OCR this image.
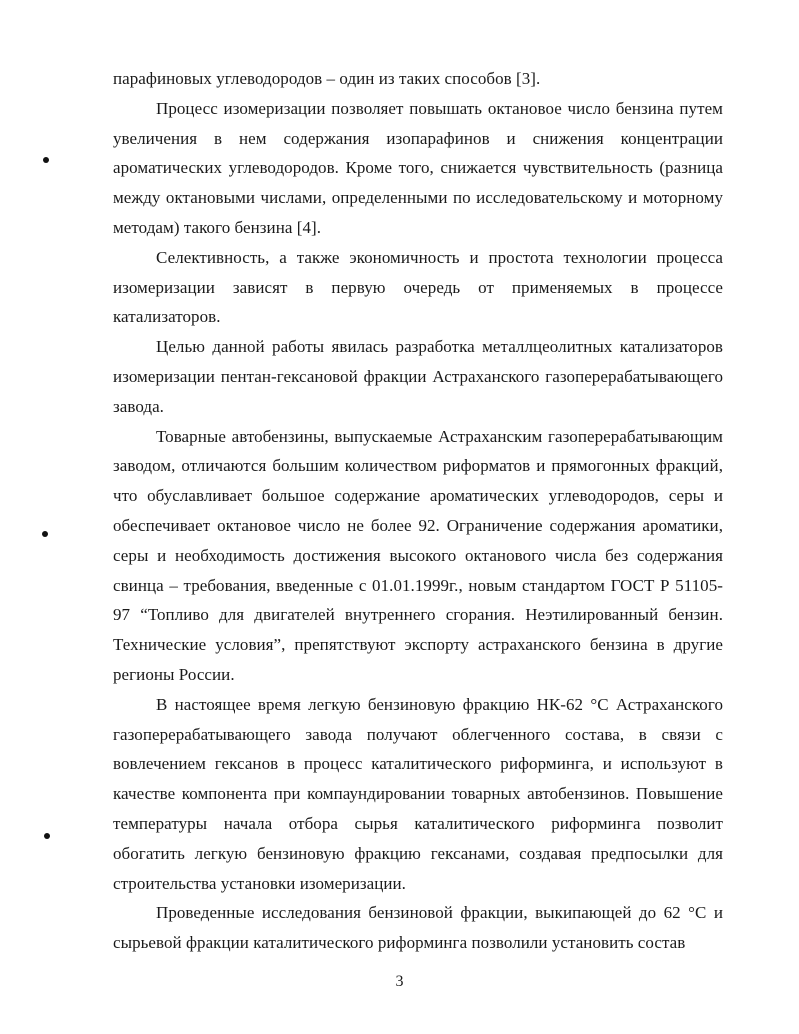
парафиновых углеводородов – один из таких способов [3].

Процесс изомеризации позволяет повышать октановое число бензина путем увеличения в нем содержания изопарафинов и снижения концентрации ароматических углеводородов. Кроме того, снижается чувствительность (разница между октановыми числами, определенными по исследовательскому и моторному методам) такого бензина [4].

Селективность, а также экономичность и простота технологии процесса изомеризации зависят в первую очередь от применяемых в процессе катализаторов.

Целью данной работы явилась разработка металлцеолитных катализаторов изомеризации пентан-гексановой фракции Астраханского газоперерабатывающего завода.

Товарные автобензины, выпускаемые Астраханским газоперерабатывающим заводом, отличаются большим количеством риформатов и прямогонных фракций, что обуславливает большое содержание ароматических углеводородов, серы и обеспечивает октановое число не более 92. Ограничение содержания ароматики, серы и необходимость достижения высокого октанового числа без содержания свинца – требования, введенные с 01.01.1999г., новым стандартом ГОСТ Р 51105-97 “Топливо для двигателей внутреннего сгорания. Неэтилированный бензин. Технические условия”, препятствуют экспорту астраханского бензина в другие регионы России.

В настоящее время легкую бензиновую фракцию НК-62 °С Астраханского газоперерабатывающего завода получают облегченного состава, в связи с вовлечением гексанов в процесс каталитического риформинга, и используют в качестве компонента при компаундировании товарных автобензинов. Повышение температуры начала отбора сырья каталитического риформинга позволит обогатить легкую бензиновую фракцию гексанами, создавая предпосылки для строительства установки изомеризации.

Проведенные исследования бензиновой фракции, выкипающей до 62 °С и сырьевой фракции каталитического риформинга позволили установить состав

3
